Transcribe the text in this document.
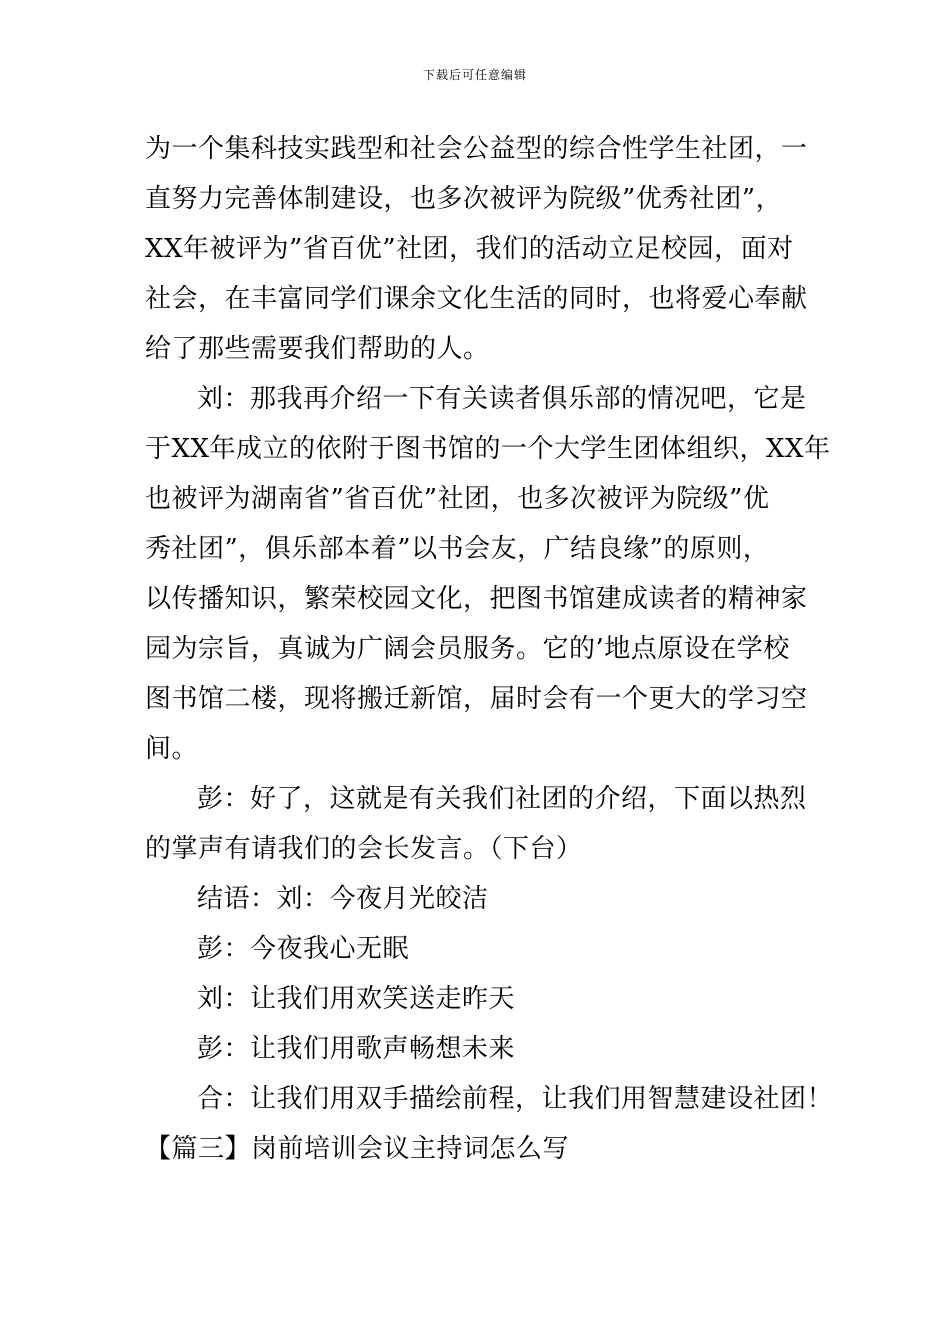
下载后可任意编辑
为一个集科技实践型和社会公益型的综合性学生社团，一
直努力完善体制建设，也多次被评为院级”优秀社团”，
XX年被评为”省百优”社团，我们的活动立足校园，面对
社会，在丰富同学们课余文化生活的同时，也将爱心奉献
给了那些需要我们帮助的人。
刘：那我再介绍一下有关读者俱乐部的情况吧，它是
于XX年成立的依附于图书馆的一个大学生团体组织，XX年
也被评为湖南省”省百优”社团，也多次被评为院级”优
秀社团”，俱乐部本着”以书会友，广结良缘”的原则，
以传播知识，繁荣校园文化，把图书馆建成读者的精神家
园为宗旨，真诚为广阔会员服务。它的’地点原设在学校
图书馆二楼，现将搬迁新馆，届时会有一个更大的学习空
间。
彭：好了，这就是有关我们社团的介绍，下面以热烈
的掌声有请我们的会长发言。（下台）
结语：刘：今夜月光皎洁
彭：今夜我心无眠
刘：让我们用欢笑送走昨天
彭：让我们用歌声畅想未来
合：让我们用双手描绘前程，让我们用智慧建设社团！
【篇三】岗前培训会议主持词怎么写
